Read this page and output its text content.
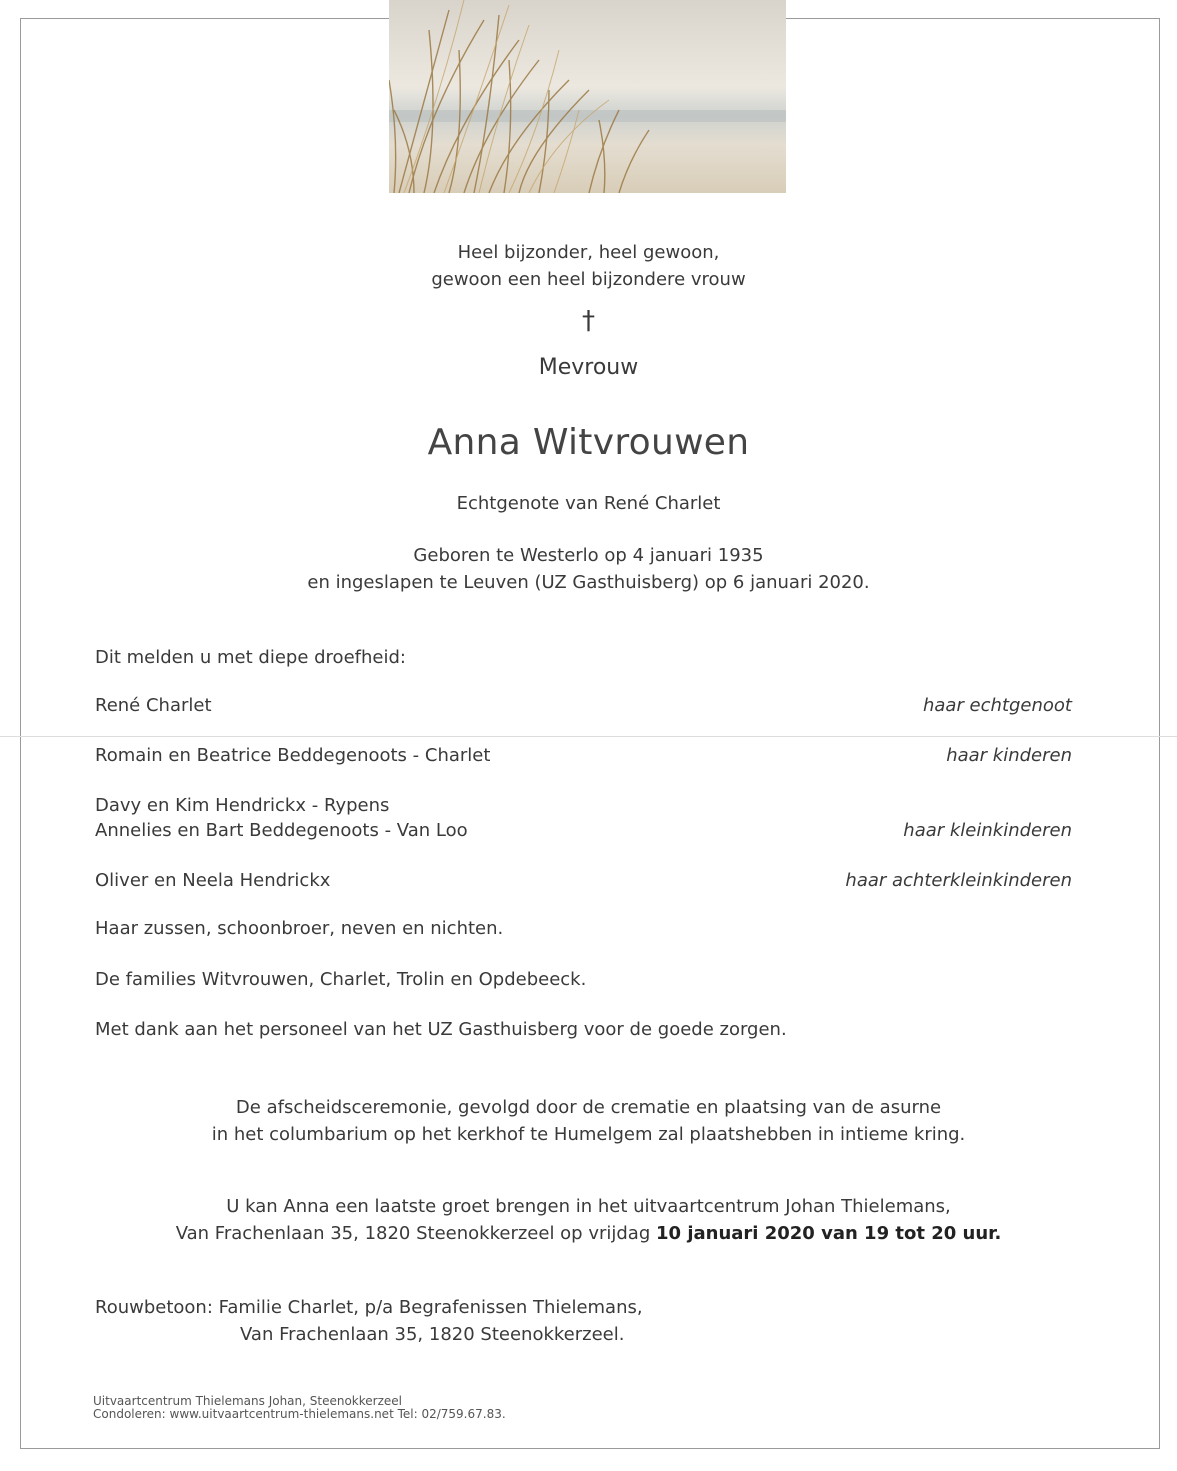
Heel bijzonder, heel gewoon,
gewoon een heel bijzondere vrouw
†
Mevrouw
Anna Witvrouwen
Echtgenote van René Charlet
Geboren te Westerlo op 4 januari 1935
en ingeslapen te Leuven (UZ Gasthuisberg) op 6 januari 2020.
Dit melden u met diepe droefheid:
René Charlet	haar echtgenoot
Romain en Beatrice Beddegenoots - Charlet	haar kinderen
Davy en Kim Hendrickx - Rypens
Annelies en Bart Beddegenoots - Van Loo	haar kleinkinderen
Oliver en Neela Hendrickx	haar achterkleinkinderen
Haar zussen, schoonbroer, neven en nichten.
De families Witvrouwen, Charlet, Trolin en Opdebeeck.
Met dank aan het personeel van het UZ Gasthuisberg voor de goede zorgen.
De afscheidsceremonie, gevolgd door de crematie en plaatsing van de asurne
in het columbarium op het kerkhof te Humelgem zal plaatshebben in intieme kring.
U kan Anna een laatste groet brengen in het uitvaartcentrum Johan Thielemans,
Van Frachenlaan 35, 1820 Steenokkerzeel op vrijdag 10 januari 2020 van 19 tot 20 uur.
Rouwbetoon: Familie Charlet, p/a Begrafenissen Thielemans,
Van Frachenlaan 35, 1820 Steenokkerzeel.
Uitvaartcentrum Thielemans Johan, Steenokkerzeel
Condoleren: www.uitvaartcentrum-thielemans.net Tel: 02/759.67.83.
